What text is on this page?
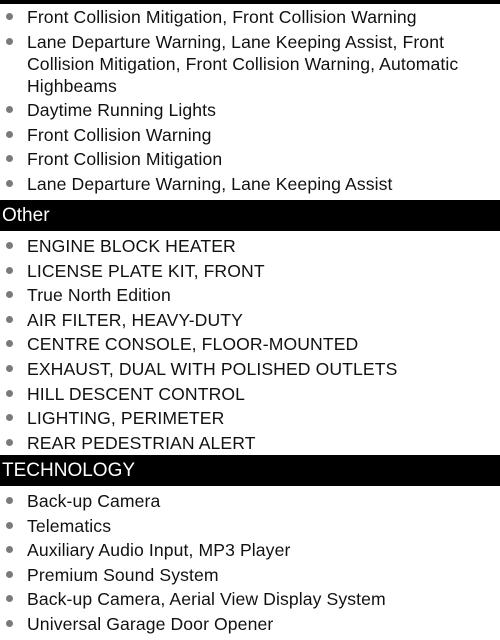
Front Collision Mitigation, Front Collision Warning
Lane Departure Warning, Lane Keeping Assist, Front Collision Mitigation, Front Collision Warning, Automatic Highbeams
Daytime Running Lights
Front Collision Warning
Front Collision Mitigation
Lane Departure Warning, Lane Keeping Assist
Other
ENGINE BLOCK HEATER
LICENSE PLATE KIT, FRONT
True North Edition
AIR FILTER, HEAVY-DUTY
CENTRE CONSOLE, FLOOR-MOUNTED
EXHAUST, DUAL WITH POLISHED OUTLETS
HILL DESCENT CONTROL
LIGHTING, PERIMETER
REAR PEDESTRIAN ALERT
TECHNOLOGY
Back-up Camera
Telematics
Auxiliary Audio Input, MP3 Player
Premium Sound System
Back-up Camera, Aerial View Display System
Universal Garage Door Opener
